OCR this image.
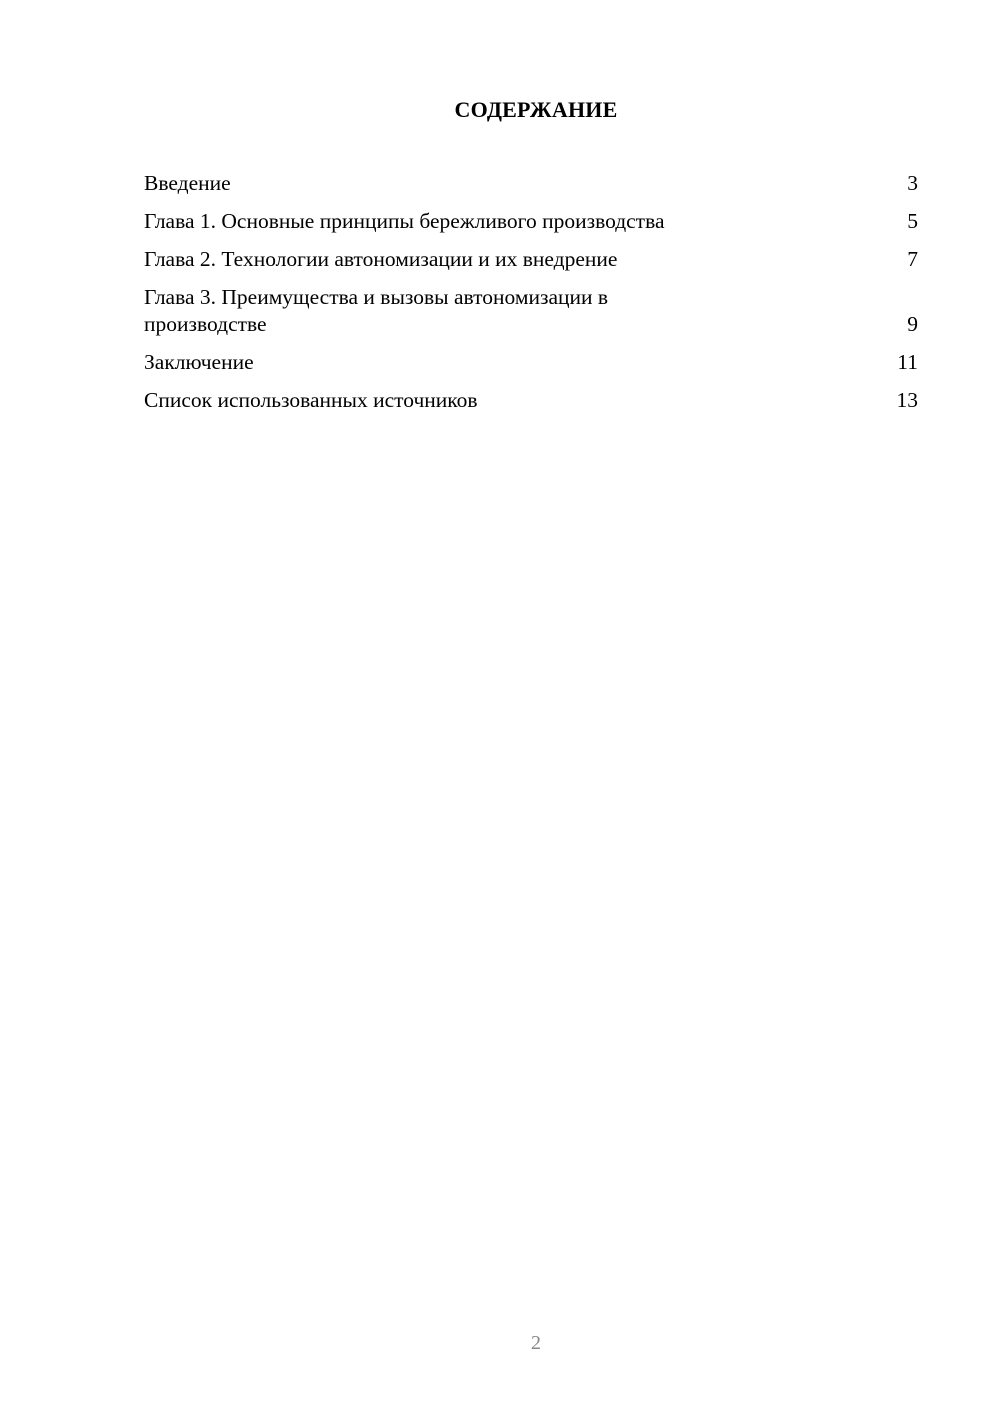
СОДЕРЖАНИЕ
Введение	3
Глава 1. Основные принципы бережливого производства	5
Глава 2. Технологии автономизации и их внедрение	7
Глава 3. Преимущества и вызовы автономизации в производстве	9
Заключение	11
Список использованных источников	13
2
